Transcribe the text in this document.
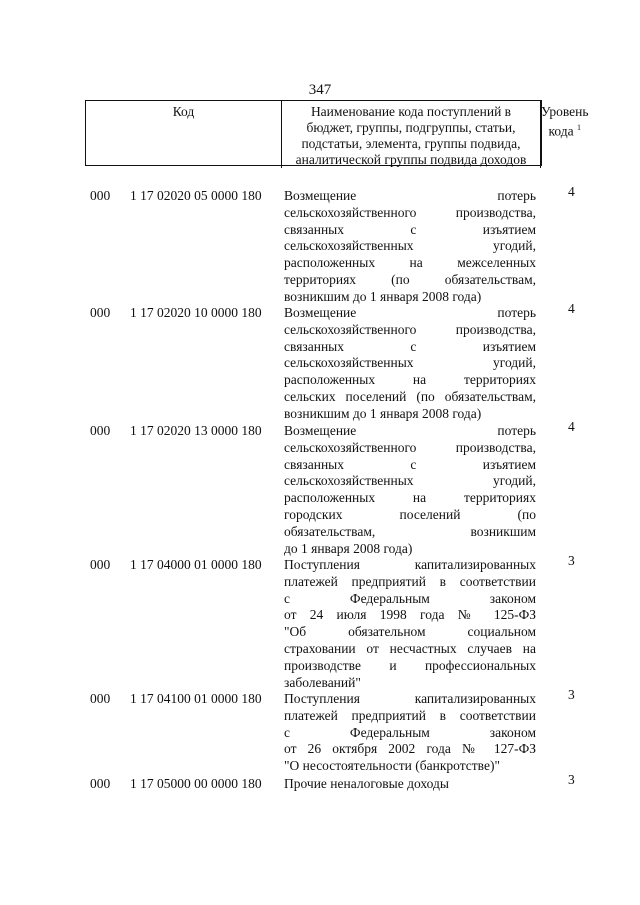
347
Код	Наименование кода поступлений в
бюджет, группы, подгруппы, статьи,
подстатьи, элемента, группы подвида,
аналитической группы подвида доходов
Уровень
кода $^1$
000 1 17 02020 05 0000 180 Возмещение потерь
сельскохозяйственного производства,
связанных с изъятием
сельскохозяйственных угодий,
расположенных на межселенных
территориях (по обязательствам,
возникшим до 1 января 2008 года)
4
000 1 17 02020 10 0000 180 Возмещение потерь
сельскохозяйственного производства,
связанных с изъятием
сельскохозяйственных угодий,
расположенных на территориях
сельских поселений (по обязательствам,
возникшим до 1 января 2008 года)
4
000 1 17 02020 13 0000 180 Возмещение потерь
сельскохозяйственного производства,
связанных с изъятием
сельскохозяйственных угодий,
расположенных на территориях
городских поселений (по
обязательствам, возникшим
до 1 января 2008 года)
4
000 1 17 04000 01 0000 180 Поступления капитализированных
платежей предприятий в соответствии
с Федеральным законом
от 24 июля 1998 года № 125-ФЗ
"Об обязательном социальном
страховании от несчастных случаев на
производстве и профессиональных
заболеваний"
3
000 1 17 04100 01 0000 180 Поступления капитализированных
платежей предприятий в соответствии
с Федеральным законом
от 26 октября 2002 года № 127-ФЗ
"О несостоятельности (банкротстве)"
3
000 1 17 05000 00 0000 180 Прочие неналоговые доходы	3
